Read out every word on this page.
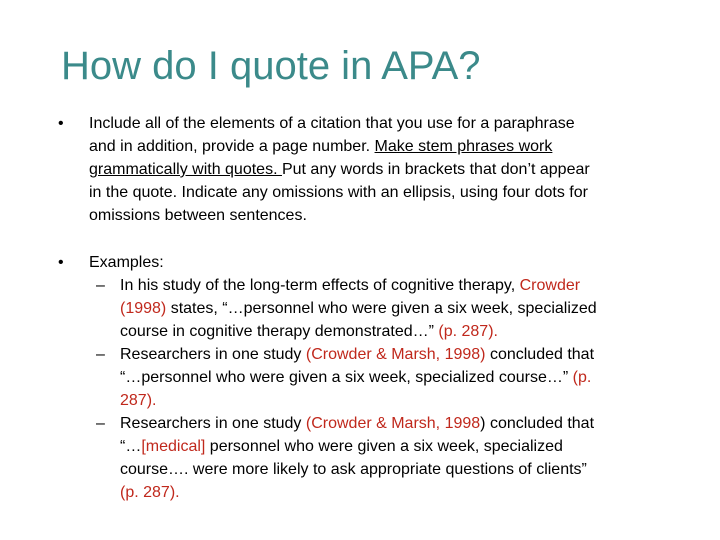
How do I quote in APA?
• Include all of the elements of a citation that you use for a paraphrase
and in addition, provide a page number. Make stem phrases work
grammatically with quotes. Put any words in brackets that don’t appear
in the quote. Indicate any omissions with an ellipsis, using four dots for
omissions between sentences.
• Examples:
– In his study of the long-term effects of cognitive therapy, Crowder
(1998) states, “…personnel who were given a six week, specialized
course in cognitive therapy demonstrated…” (p. 287).
– Researchers in one study (Crowder & Marsh, 1998) concluded that
“…personnel who were given a six week, specialized course…” (p.
287).
– Researchers in one study (Crowder & Marsh, 1998) concluded that
“…[medical] personnel who were given a six week, specialized
course…. were more likely to ask appropriate questions of clients”
(p. 287).
